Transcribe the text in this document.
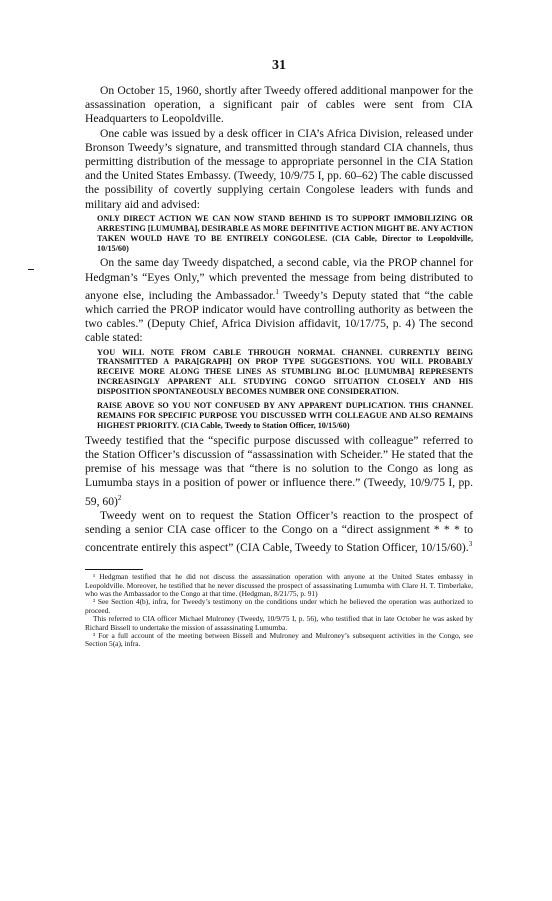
31

On October 15, 1960, shortly after Tweedy offered additional manpower for the assassination operation, a significant pair of cables were sent from CIA Headquarters to Leopoldville.

One cable was issued by a desk officer in CIA’s Africa Division, released under Bronson Tweedy’s signature, and transmitted through standard CIA channels, thus permitting distribution of the message to appropriate personnel in the CIA Station and the United States Embassy. (Tweedy, 10/9/75 I, pp. 60–62) The cable discussed the possibility of covertly supplying certain Congolese leaders with funds and military aid and advised:

ONLY DIRECT ACTION WE CAN NOW STAND BEHIND IS TO SUPPORT IMMOBILIZING OR ARRESTING [LUMUMBA], DESIRABLE AS MORE DEFINITIVE ACTION MIGHT BE. ANY ACTION TAKEN WOULD HAVE TO BE ENTIRELY CONGOLESE. (CIA Cable, Director to Leopoldville, 10/15/60)

On the same day Tweedy dispatched, a second cable, via the PROP channel for Hedgman’s “Eyes Only,” which prevented the message from being distributed to anyone else, including the Ambassador.$^1$ Tweedy’s Deputy stated that “the cable which carried the PROP indicator would have controlling authority as between the two cables.” (Deputy Chief, Africa Division affidavit, 10/17/75, p. 4) The second cable stated:

YOU WILL NOTE FROM CABLE THROUGH NORMAL CHANNEL CURRENTLY BEING TRANSMITTED A PARA[GRAPH] ON PROP TYPE SUGGESTIONS. YOU WILL PROBABLY RECEIVE MORE ALONG THESE LINES AS STUMBLING BLOC [LUMUMBA] REPRESENTS INCREASINGLY APPARENT ALL STUDYING CONGO SITUATION CLOSELY AND HIS DISPOSITION SPONTANEOUSLY BECOMES NUMBER ONE CONSIDERATION.
RAISE ABOVE SO YOU NOT CONFUSED BY ANY APPARENT DUPLICATION. THIS CHANNEL REMAINS FOR SPECIFIC PURPOSE YOU DISCUSSED WITH COLLEAGUE AND ALSO REMAINS HIGHEST PRIORITY. (CIA Cable, Tweedy to Station Officer, 10/15/60)

Tweedy testified that the “specific purpose discussed with colleague” referred to the Station Officer’s discussion of “assassination with Scheider.” He stated that the premise of his message was that “there is no solution to the Congo as long as Lumumba stays in a position of power or influence there.” (Tweedy, 10/9/75 I, pp. 59, 60)$^2$

Tweedy went on to request the Station Officer’s reaction to the prospect of sending a senior CIA case officer to the Congo on a “direct assignment * * * to concentrate entirely this aspect” (CIA Cable, Tweedy to Station Officer, 10/15/60).$^3$

¹ Hedgman testified that he did not discuss the assassination operation with anyone at the United States embassy in Leopoldville. Moreover, he testified that he never discussed the prospect of assassinating Lumumba with Clare H. T. Timberlake, who was the Ambassador to the Congo at that time. (Hedgman, 8/21/75, p. 91)

² See Section 4(b), infra, for Tweedy’s testimony on the conditions under which he believed the operation was authorized to proceed.

This referred to CIA officer Michael Mulroney (Tweedy, 10/9/75 I, p. 56), who testified that in late October he was asked by Richard Bissell to undertake the mission of assassinating Lumumba.

³ For a full account of the meeting between Bissell and Mulroney and Mulroney’s subsequent activities in the Congo, see Section 5(a), infra.
